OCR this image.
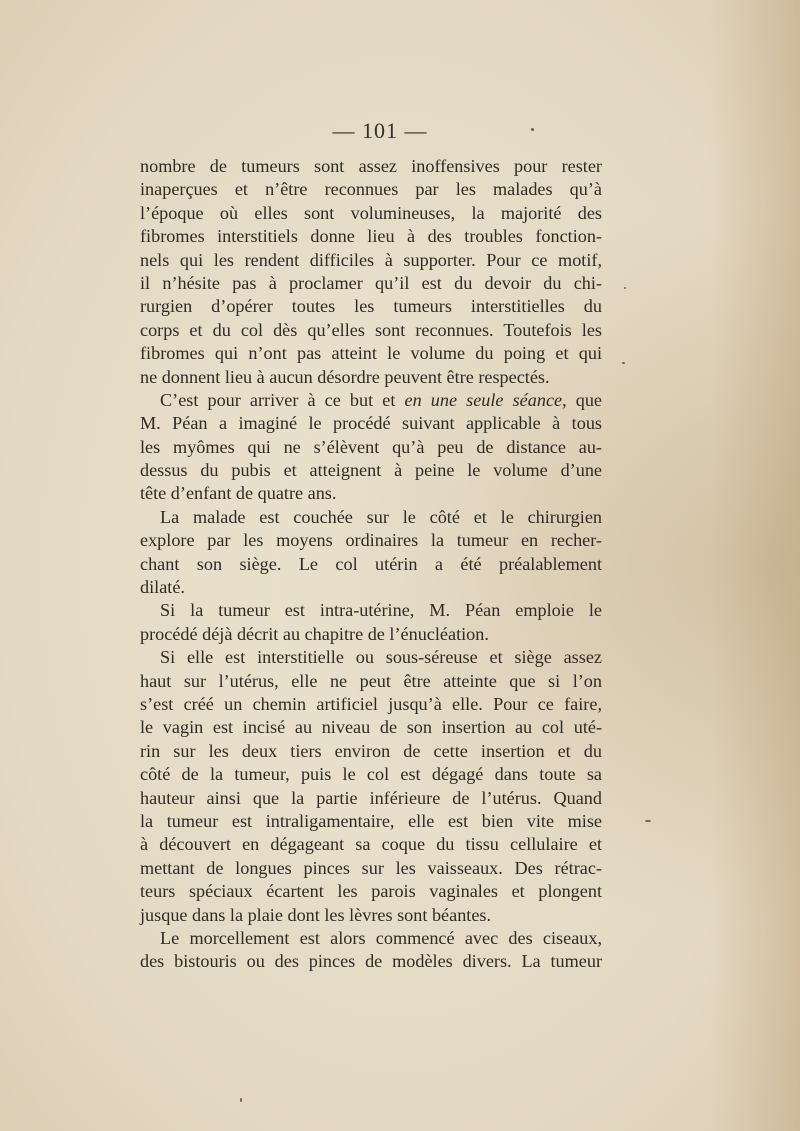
— 101 —
nombre de tumeurs sont assez inoffensives pour rester
inaperçues et n’être reconnues par les malades qu’à
l’époque où elles sont volumineuses, la majorité des
fibromes interstitiels donne lieu à des troubles fonction-
nels qui les rendent difficiles à supporter. Pour ce motif,
il n’hésite pas à proclamer qu’il est du devoir du chi-
rurgien d’opérer toutes les tumeurs interstitielles du
corps et du col dès qu’elles sont reconnues. Toutefois les
fibromes qui n’ont pas atteint le volume du poing et qui
ne donnent lieu à aucun désordre peuvent être respectés.
C’est pour arriver à ce but et en une seule séance, que
M. Péan a imaginé le procédé suivant applicable à tous
les myômes qui ne s’élèvent qu’à peu de distance au-
dessus du pubis et atteignent à peine le volume d’une
tête d’enfant de quatre ans.
La malade est couchée sur le côté et le chirurgien
explore par les moyens ordinaires la tumeur en recher-
chant son siège. Le col utérin a été préalablement
dilaté.
Si la tumeur est intra-utérine, M. Péan emploie le
procédé déjà décrit au chapitre de l’énucléation.
Si elle est interstitielle ou sous-séreuse et siège assez
haut sur l’utérus, elle ne peut être atteinte que si l’on
s’est créé un chemin artificiel jusqu’à elle. Pour ce faire,
le vagin est incisé au niveau de son insertion au col uté-
rin sur les deux tiers environ de cette insertion et du
côté de la tumeur, puis le col est dégagé dans toute sa
hauteur ainsi que la partie inférieure de l’utérus. Quand
la tumeur est intraligamentaire, elle est bien vite mise
à découvert en dégageant sa coque du tissu cellulaire et
mettant de longues pinces sur les vaisseaux. Des rétrac-
teurs spéciaux écartent les parois vaginales et plongent
jusque dans la plaie dont les lèvres sont béantes.
Le morcellement est alors commencé avec des ciseaux,
des bistouris ou des pinces de modèles divers. La tumeur
